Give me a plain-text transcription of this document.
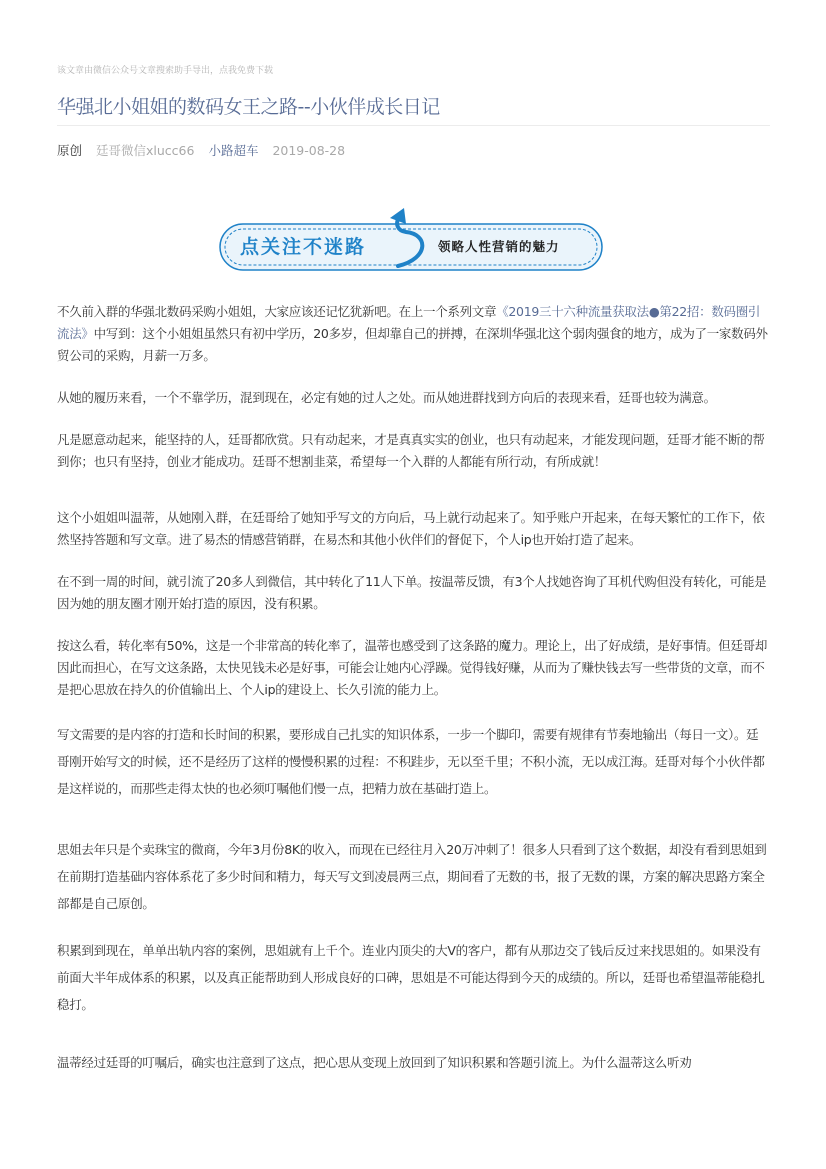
该文章由微信公众号文章搜索助手导出，点我免费下载
华强北小姐姐的数码女王之路--小伙伴成长日记
原创 廷哥微信xlucc66 小路超车 2019-08-28
点关注不迷路	领略人性营销的魅力

不久前入群的华强北数码采购小姐姐，大家应该还记忆犹新吧。在上一个系列文章《2019三十六种流量获取法●第22招：数码圈引流法》中写到：这个小姐姐虽然只有初中学历，20多岁，但却靠自己的拼搏，在深圳华强北这个弱肉强食的地方，成为了一家数码外贸公司的采购，月薪一万多。

从她的履历来看，一个不靠学历，混到现在，必定有她的过人之处。而从她进群找到方向后的表现来看，廷哥也较为满意。

凡是愿意动起来，能坚持的人，廷哥都欣赏。只有动起来，才是真真实实的创业，也只有动起来，才能发现问题，廷哥才能不断的帮到你；也只有坚持，创业才能成功。廷哥不想割韭菜，希望每一个入群的人都能有所行动，有所成就！

这个小姐姐叫温蒂，从她刚入群，在廷哥给了她知乎写文的方向后，马上就行动起来了。知乎账户开起来，在每天繁忙的工作下，依然坚持答题和写文章。进了易杰的情感营销群，在易杰和其他小伙伴们的督促下，个人ip也开始打造了起来。

在不到一周的时间，就引流了20多人到微信，其中转化了11人下单。按温蒂反馈，有3个人找她咨询了耳机代购但没有转化，可能是因为她的朋友圈才刚开始打造的原因，没有积累。

按这么看，转化率有50%，这是一个非常高的转化率了，温蒂也感受到了这条路的魔力。理论上，出了好成绩，是好事情。但廷哥却因此而担心，在写文这条路，太快见钱未必是好事，可能会让她内心浮躁。觉得钱好赚，从而为了赚快钱去写一些带货的文章，而不是把心思放在持久的价值输出上、个人ip的建设上、长久引流的能力上。

写文需要的是内容的打造和长时间的积累，要形成自己扎实的知识体系，一步一个脚印，需要有规律有节奏地输出（每日一文）。廷哥刚开始写文的时候，还不是经历了这样的慢慢积累的过程：不积跬步，无以至千里；不积小流，无以成江海。廷哥对每个小伙伴都是这样说的，而那些走得太快的也必须叮嘱他们慢一点，把精力放在基础打造上。

思姐去年只是个卖珠宝的微商，今年3月份8K的收入，而现在已经往月入20万冲刺了！很多人只看到了这个数据，却没有看到思姐到在前期打造基础内容体系花了多少时间和精力，每天写文到凌晨两三点，期间看了无数的书，报了无数的课，方案的解决思路方案全部都是自己原创。

积累到到现在，单单出轨内容的案例，思姐就有上千个。连业内顶尖的大V的客户，都有从那边交了钱后反过来找思姐的。如果没有前面大半年成体系的积累，以及真正能帮助到人形成良好的口碑，思姐是不可能达得到今天的成绩的。所以，廷哥也希望温蒂能稳扎稳打。

温蒂经过廷哥的叮嘱后，确实也注意到了这点，把心思从变现上放回到了知识积累和答题引流上。为什么温蒂这么听劝
